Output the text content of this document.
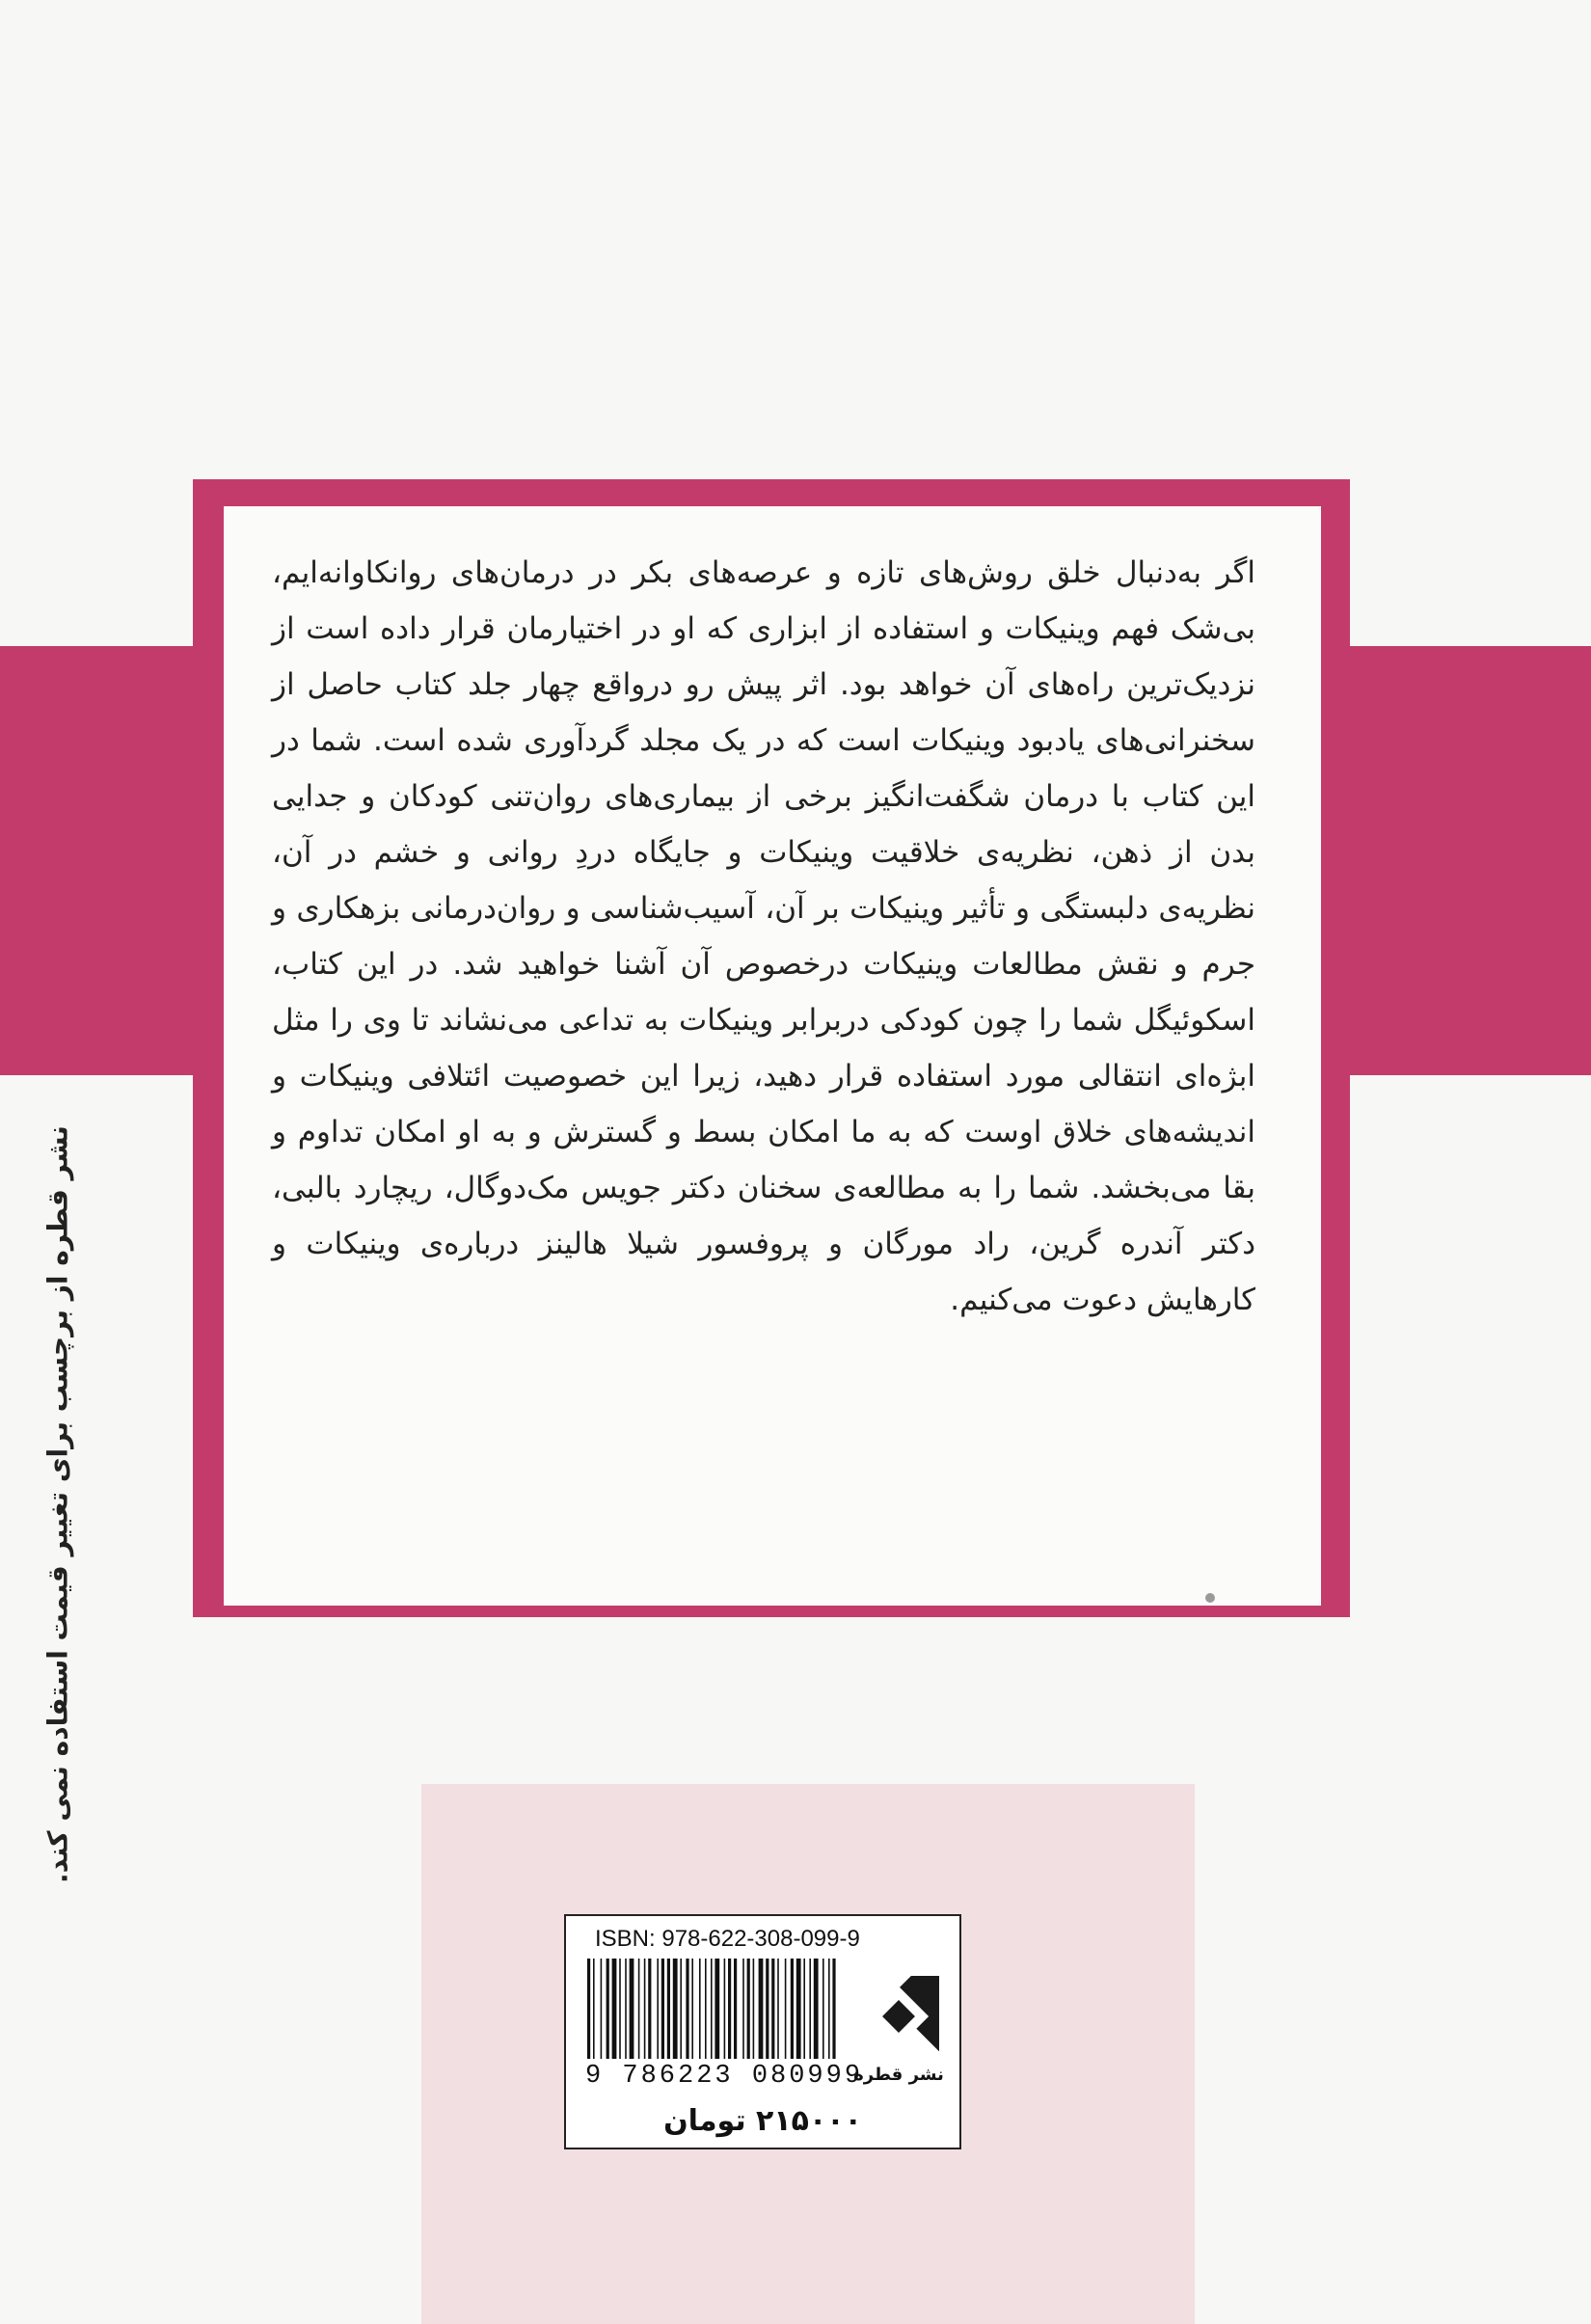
اگر به‌دنبال خلق روش‌های تازه و عرصه‌های بکر در درمان‌های روانکاوانه‌ایم، بی‌شک فهم وینیکات و استفاده از ابزاری که او در اختیارمان قرار داده است از نزدیک‌ترین راه‌های آن خواهد بود. اثر پیش رو درواقع چهار جلد کتاب حاصل از سخنرانی‌های یادبود وینیکات است که در یک مجلد گردآوری شده است. شما در این کتاب با درمان شگفت‌انگیز برخی از بیماری‌های روان‌تنی کودکان و جدایی بدن از ذهن، نظریه‌ی خلاقیت وینیکات و جایگاه دردِ روانی و خشم در آن، نظریه‌ی دلبستگی و تأثیر وینیکات بر آن، آسیب‌شناسی و روان‌درمانی بزهکاری و جرم و نقش مطالعات وینیکات درخصوص آن آشنا خواهید شد. در این کتاب، اسکوئیگل شما را چون کودکی دربرابر وینیکات به تداعی می‌نشاند تا وی را مثل ابژه‌ای انتقالی مورد استفاده قرار دهید، زیرا این خصوصیت ائتلافی وینیکات و اندیشه‌های خلاق اوست که به ما امکان بسط و گسترش و به او امکان تداوم و بقا می‌بخشد. شما را به مطالعه‌ی سخنان دکتر جویس مک‌دوگال، ریچارد بالبی، دکتر آندره گرین، راد مورگان و پروفسور شیلا هالینز درباره‌ی وینیکات و کارهایش دعوت می‌کنیم.

نشر قطره از برچسب برای تغییر قیمت استفاده نمی کند.
ISBN: 978-622-308-099-9
9 786223 080999
نشر قطره
۲۱۵۰۰۰ تومان
